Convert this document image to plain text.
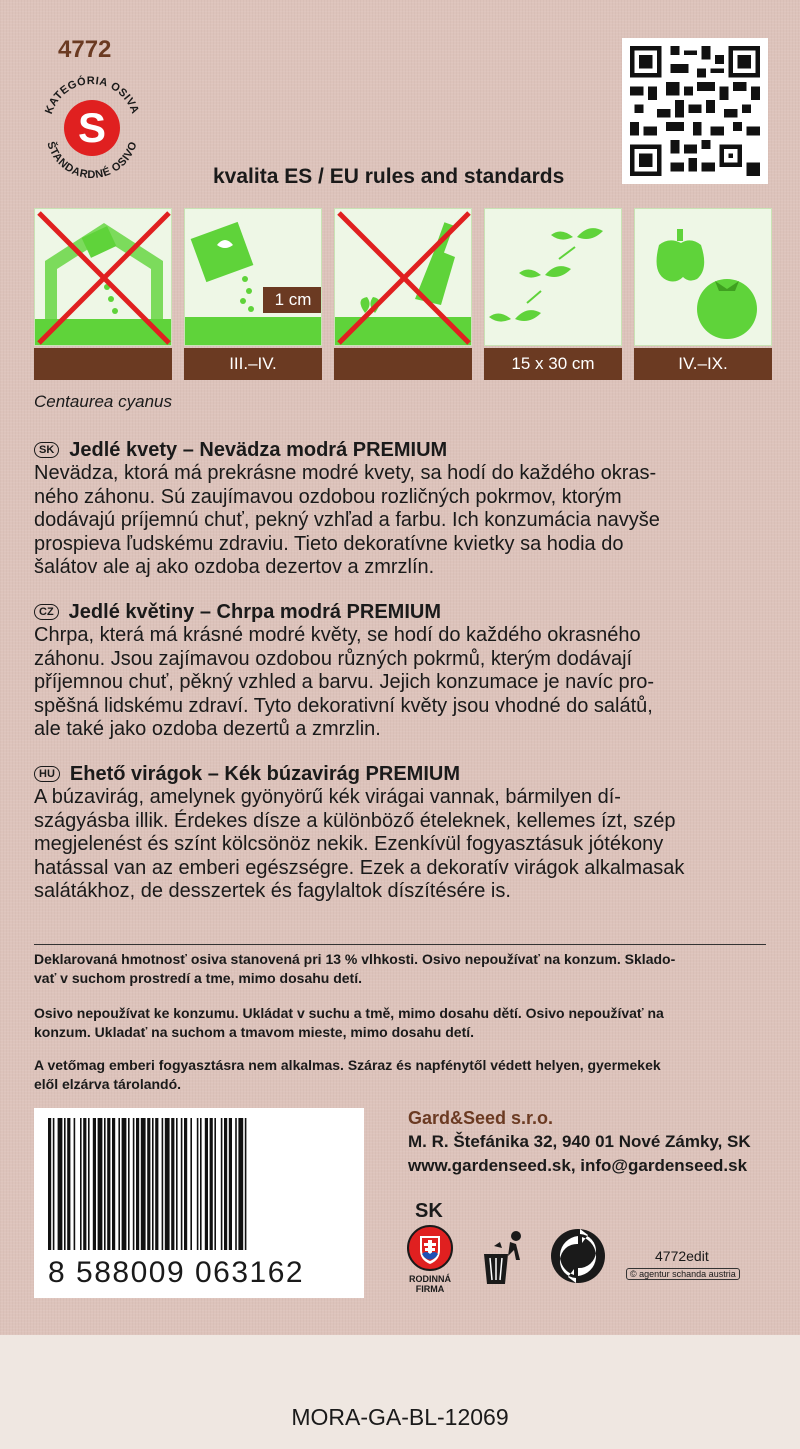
4772
KATEGÓRIA OSIVA
ŠTANDARDNÉ OSIVO
S
kvalita ES / EU rules and standards
1 cm
III.–IV.	15 x 30 cm	IV.–IX.
Centaurea cyanus
SK Jedlé kvety – Nevädza modrá PREMIUM

Nevädza, ktorá má prekrásne modré kvety, sa hodí do každého okras-
ného záhonu. Sú zaujímavou ozdobou rozličných pokrmov, ktorým
dodávajú príjemnú chuť, pekný vzhľad a farbu. Ich konzumácia navyše
prospieva ľudskému zdraviu. Tieto dekoratívne kvietky sa hodia do
šalátov ale aj ako ozdoba dezertov a zmrzlín.

CZ Jedlé květiny – Chrpa modrá PREMIUM

Chrpa, která má krásné modré květy, se hodí do každého okrasného
záhonu. Jsou zajímavou ozdobou různých pokrmů, kterým dodávají
příjemnou chuť, pěkný vzhled a barvu. Jejich konzumace je navíc pro-
spěšná lidskému zdraví. Tyto dekorativní květy jsou vhodné do salátů,
ale také jako ozdoba dezertů a zmrzlin.

HU Ehető virágok – Kék búzavirág PREMIUM

A búzavirág, amelynek gyönyörű kék virágai vannak, bármilyen dí-
szágyásba illik. Érdekes dísze a különböző ételeknek, kellemes ízt, szép
megjelenést és színt kölcsönöz nekik. Ezenkívül fogyasztásuk jótékony
hatással van az emberi egészségre. Ezek a dekoratív virágok alkalmasak
salátákhoz, de desszertek és fagylaltok díszítésére is.

Deklarovaná hmotnosť osiva stanovená pri 13 % vlhkosti. Osivo nepoužívať na konzum. Sklado-
vať v suchom prostredí a tme, mimo dosahu detí.
Osivo nepoužívat ke konzumu. Ukládat v suchu a tmě, mimo dosahu dětí. Osivo nepoužívať na
konzum. Ukladať na suchom a tmavom mieste, mimo dosahu detí.
A vetőmag emberi fogyasztásra nem alkalmas. Száraz és napfénytől védett helyen, gyermekek
elől elzárva tárolandó.
8 588009 063162
Gard&Seed s.r.o.
M. R. Štefánika 32, 940 01 Nové Zámky, SK
www.gardenseed.sk, info@gardenseed.sk
SK
RODINNÁ
FIRMA
4772edit
© agentur schanda austria
MORA-GA-BL-12069
